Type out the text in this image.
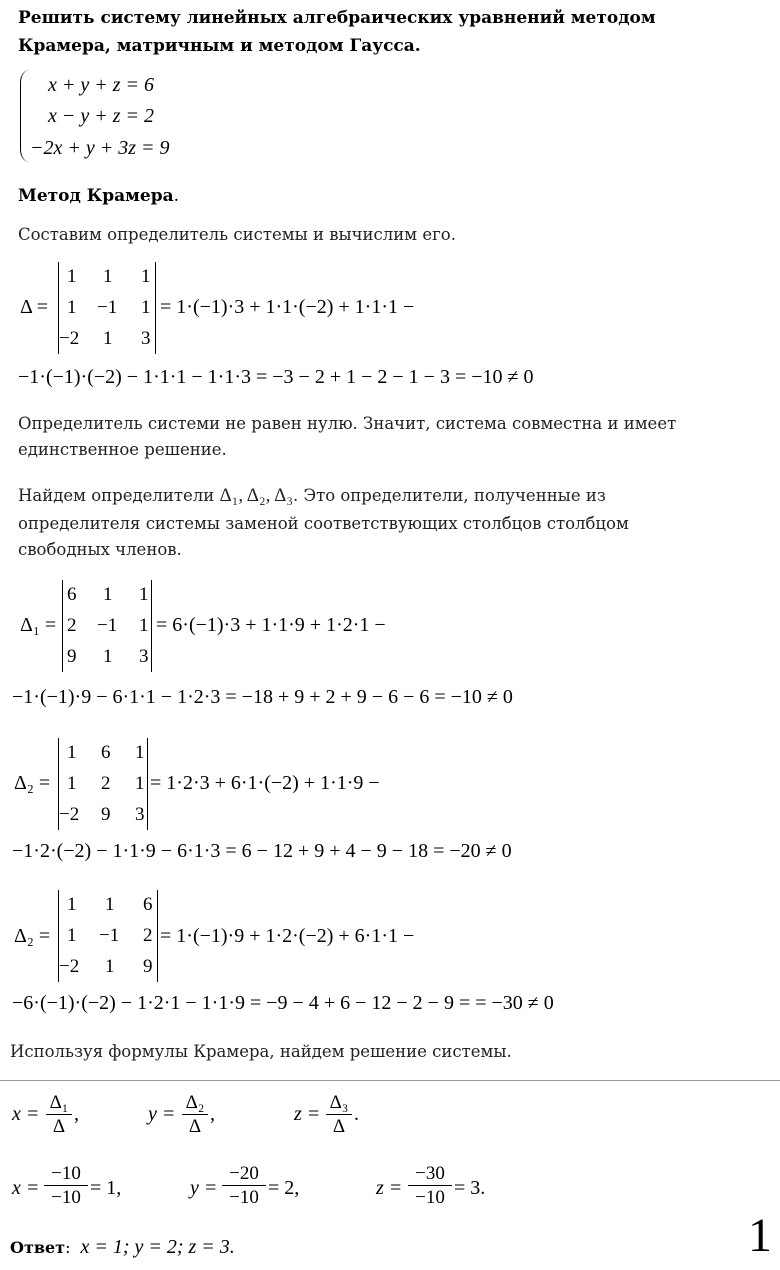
Решить систему линейных алгебраических уравнений методом
Крамера, матричным и методом Гаусса.
x + y + z = 6
x − y + z = 2
−2x + y + 3z = 9
Метод Крамера.
Составим определитель системы и вычислим его.
Δ =
1	1	1
1	−1	1
−2	1	3
= 1·(−1)·3 + 1·1·(−2) + 1·1·1 −
−1·(−1)·(−2) − 1·1·1 − 1·1·3 = −3 − 2 + 1 − 2 − 1 − 3 = −10 ≠ 0
Определитель системи не равен нулю. Значит, система совместна и имеет
единственное решение.
Найдем определители Δ₁, Δ₂, Δ₃. Это определители, полученные из
определителя системы заменой соответствующих столбцов столбцом
свободных членов.
Δ₁ =
6	1	1
2	−1	1
9	1	3
= 6·(−1)·3 + 1·1·9 + 1·2·1 −
−1·(−1)·9 − 6·1·1 − 1·2·3 = −18 + 9 + 2 + 9 − 6 − 6 = −10 ≠ 0
Δ₂ =
1	6	1
1	2	1
−2	9	3
= 1·2·3 + 6·1·(−2) + 1·1·9 −
−1·2·(−2) − 1·1·9 − 6·1·3 = 6 − 12 + 9 + 4 − 9 − 18 = −20 ≠ 0
Δ₂ =
1	1	6
1	−1	2
−2	1	9
= 1·(−1)·9 + 1·2·(−2) + 6·1·1 −
−6·(−1)·(−2) − 1·2·1 − 1·1·9 = −9 − 4 + 6 − 12 − 2 − 9 = = −30 ≠ 0
Используя формулы Крамера, найдем решение системы.
$x = \frac{\text{Δ₁}}{\Delta}$ ,	$y = \frac{\text{Δ₂}}{\Delta}$ ,	$z = \frac{\text{Δ₃}}{\Delta}$ .
$x = \frac{-10}{-10} = 1$,	$y = \frac{-20}{-10} = 2$,	$z = \frac{-30}{-10} = 3$.
Ответ: x = 1; y = 2; z = 3.	1
